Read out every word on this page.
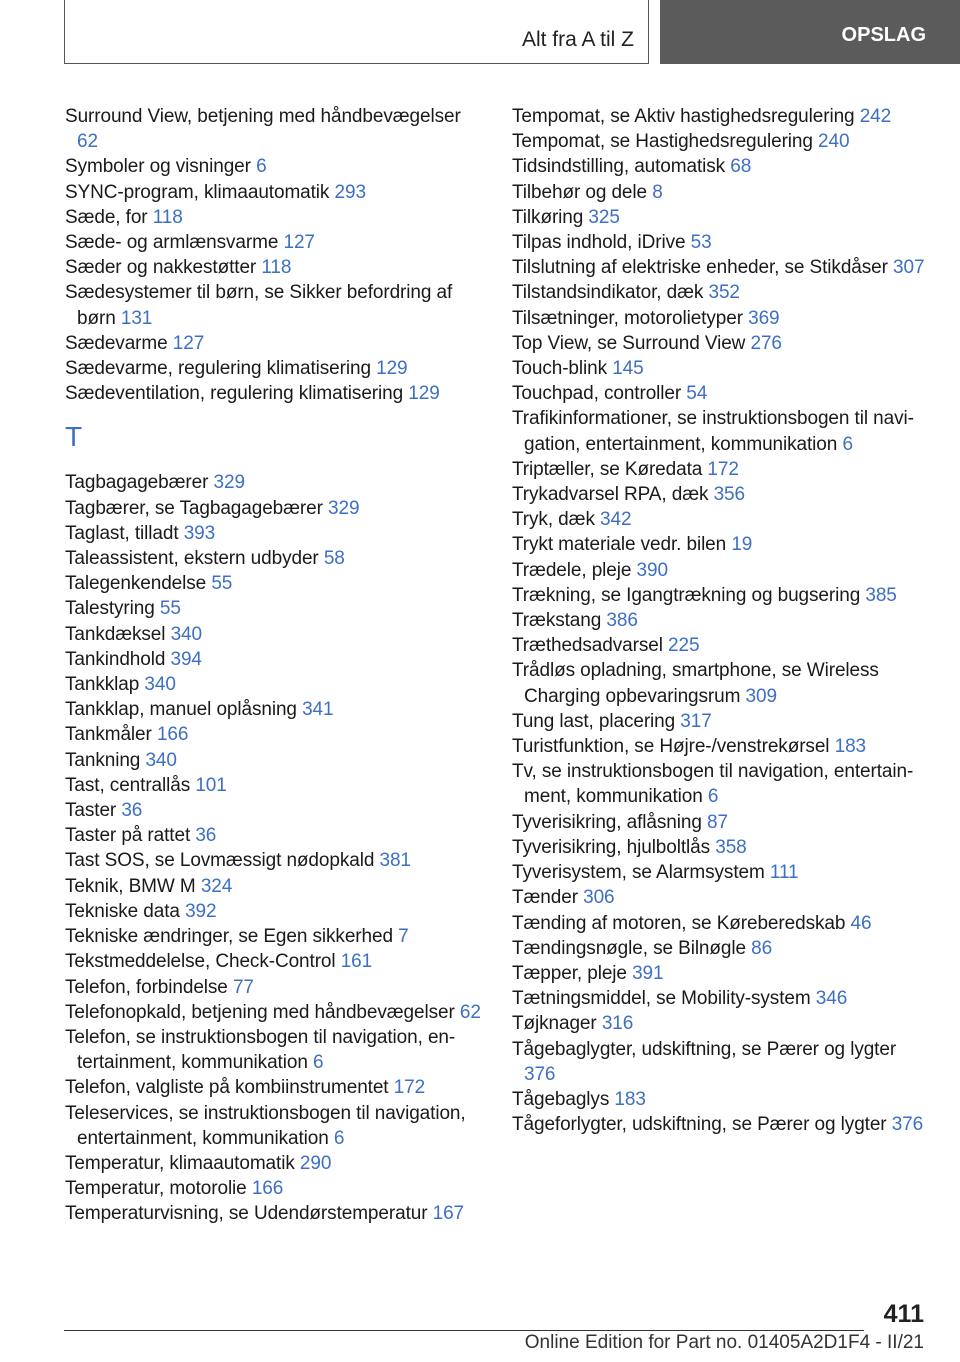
Alt fra A til Z	OPSLAG
Surround View, betjening med håndbevægelser 62
Symboler og visninger 6
SYNC-program, klimaautomatik 293
Sæde, for 118
Sæde- og armlænsvarme 127
Sæder og nakkestøtter 118
Sædesystemer til børn, se Sikker befordring af børn 131
Sædevarme 127
Sædevarme, regulering klimatisering 129
Sædeventilation, regulering klimatisering 129
T
Tagbagagebærer 329
Tagbærer, se Tagbagagebærer 329
Taglast, tilladt 393
Taleassistent, ekstern udbyder 58
Talegenkendelse 55
Talestyring 55
Tankdæksel 340
Tankindhold 394
Tankklap 340
Tankklap, manuel oplåsning 341
Tankmåler 166
Tankning 340
Tast, centrallås 101
Taster 36
Taster på rattet 36
Tast SOS, se Lovmæssigt nødopkald 381
Teknik, BMW M 324
Tekniske data 392
Tekniske ændringer, se Egen sikkerhed 7
Tekstmeddelelse, Check-Control 161
Telefon, forbindelse 77
Telefonopkald, betjening med håndbevægelser 62
Telefon, se instruktionsbogen til navigation, entertainment, kommunikation 6
Telefon, valgliste på kombiinstrumentet 172
Teleservices, se instruktionsbogen til navigation, entertainment, kommunikation 6
Temperatur, klimaautomatik 290
Temperatur, motorolie 166
Temperaturvisning, se Udendørstemperatur 167
Tempomat, se Aktiv hastighedsregulering 242
Tempomat, se Hastighedsregulering 240
Tidsindstilling, automatisk 68
Tilbehør og dele 8
Tilkøring 325
Tilpas indhold, iDrive 53
Tilslutning af elektriske enheder, se Stikdåser 307
Tilstandsindikator, dæk 352
Tilsætninger, motorolietyper 369
Top View, se Surround View 276
Touch-blink 145
Touchpad, controller 54
Trafikinformationer, se instruktionsbogen til navigation, entertainment, kommunikation 6
Triptæller, se Køredata 172
Trykadvarsel RPA, dæk 356
Tryk, dæk 342
Trykt materiale vedr. bilen 19
Trædele, pleje 390
Trækning, se Igangtrækning og bugsering 385
Trækstang 386
Træthedsadvarsel 225
Trådløs opladning, smartphone, se Wireless Charging opbevaringsrum 309
Tung last, placering 317
Turistfunktion, se Højre-/venstrekørsel 183
Tv, se instruktionsbogen til navigation, entertainment, kommunikation 6
Tyverisikring, aflåsning 87
Tyverisikring, hjulboltlås 358
Tyverisystem, se Alarmsystem 111
Tænder 306
Tænding af motoren, se Køreberedskab 46
Tændingsnøgle, se Bilnøgle 86
Tæpper, pleje 391
Tætningsmiddel, se Mobility-system 346
Tøjknager 316
Tågebaglygter, udskiftning, se Pærer og lygter 376
Tågebaglys 183
Tågeforlygter, udskiftning, se Pærer og lygter 376
411
Online Edition for Part no. 01405A2D1F4 - II/21
